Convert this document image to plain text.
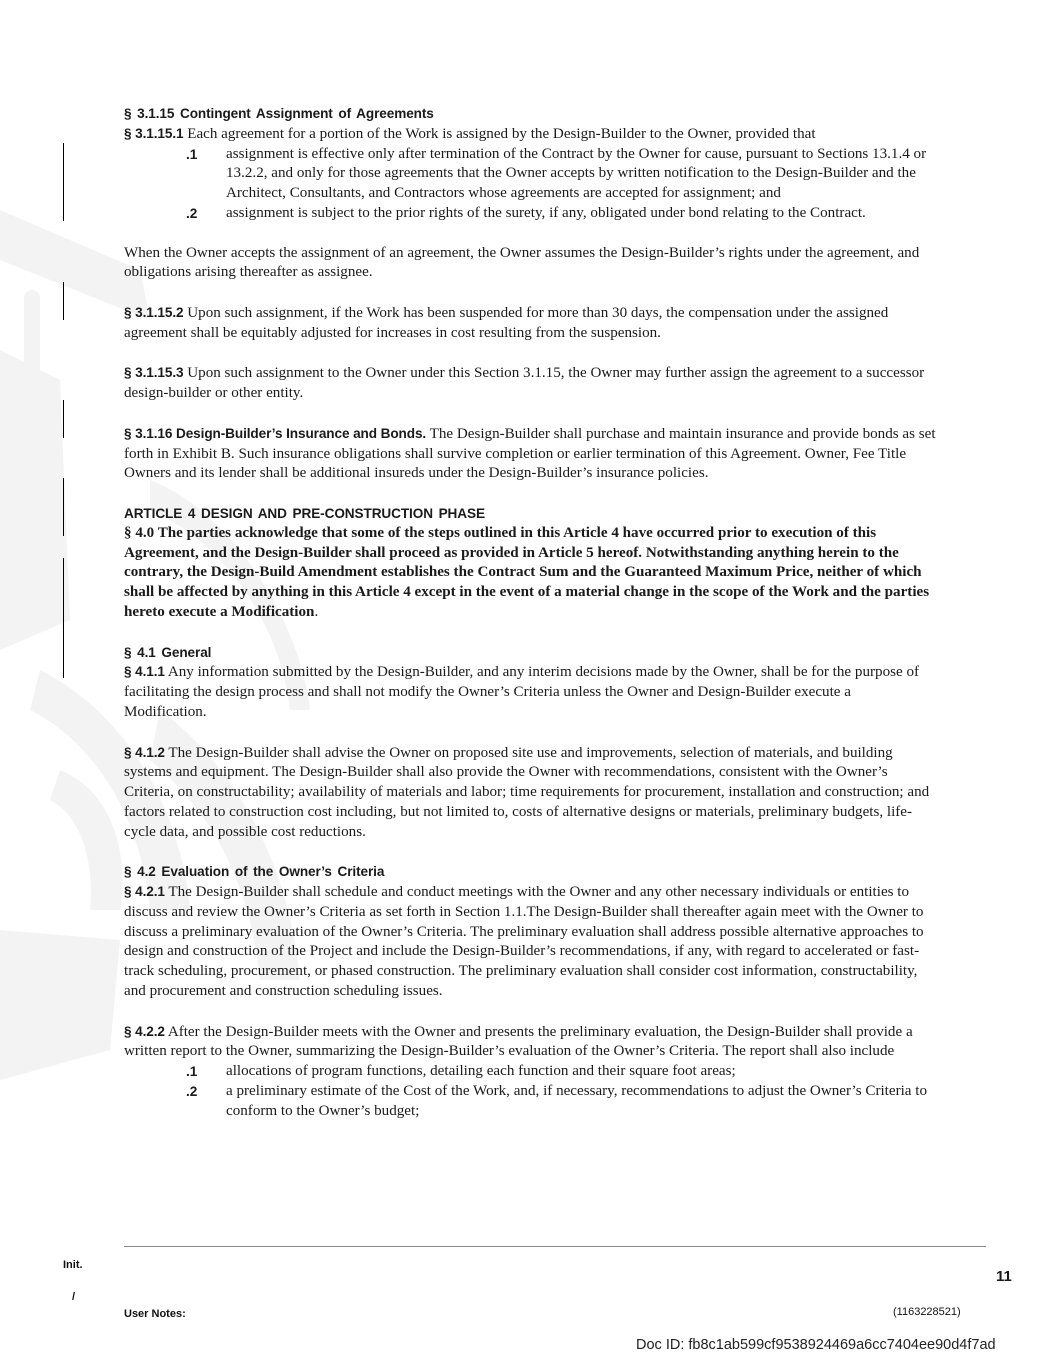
§ 3.1.15 Contingent Assignment of Agreements

§ 3.1.15.1 Each agreement for a portion of the Work is assigned by the Design-Builder to the Owner, provided that

.1 assignment is effective only after termination of the Contract by the Owner for cause, pursuant to Sections 13.1.4 or 13.2.2, and only for those agreements that the Owner accepts by written notification to the Design-Builder and the Architect, Consultants, and Contractors whose agreements are accepted for assignment; and
.2 assignment is subject to the prior rights of the surety, if any, obligated under bond relating to the Contract.

When the Owner accepts the assignment of an agreement, the Owner assumes the Design-Builder’s rights under the agreement, and obligations arising thereafter as assignee.

§ 3.1.15.2 Upon such assignment, if the Work has been suspended for more than 30 days, the compensation under the assigned agreement shall be equitably adjusted for increases in cost resulting from the suspension.

§ 3.1.15.3 Upon such assignment to the Owner under this Section 3.1.15, the Owner may further assign the agreement to a successor design-builder or other entity.

§ 3.1.16 Design-Builder’s Insurance and Bonds. The Design-Builder shall purchase and maintain insurance and provide bonds as set forth in Exhibit B. Such insurance obligations shall survive completion or earlier termination of this Agreement. Owner, Fee Title Owners and its lender shall be additional insureds under the Design-Builder’s insurance policies.

ARTICLE 4 DESIGN AND PRE-CONSTRUCTION PHASE

§ 4.0 The parties acknowledge that some of the steps outlined in this Article 4 have occurred prior to execution of this Agreement, and the Design-Builder shall proceed as provided in Article 5 hereof. Notwithstanding anything herein to the contrary, the Design-Build Amendment establishes the Contract Sum and the Guaranteed Maximum Price, neither of which shall be affected by anything in this Article 4 except in the event of a material change in the scope of the Work and the parties hereto execute a Modification.

§ 4.1 General

§ 4.1.1 Any information submitted by the Design-Builder, and any interim decisions made by the Owner, shall be for the purpose of facilitating the design process and shall not modify the Owner’s Criteria unless the Owner and Design-Builder execute a Modification.

§ 4.1.2 The Design-Builder shall advise the Owner on proposed site use and improvements, selection of materials, and building systems and equipment. The Design-Builder shall also provide the Owner with recommendations, consistent with the Owner’s Criteria, on constructability; availability of materials and labor; time requirements for procurement, installation and construction; and factors related to construction cost including, but not limited to, costs of alternative designs or materials, preliminary budgets, life-cycle data, and possible cost reductions.

§ 4.2 Evaluation of the Owner’s Criteria

§ 4.2.1 The Design-Builder shall schedule and conduct meetings with the Owner and any other necessary individuals or entities to discuss and review the Owner’s Criteria as set forth in Section 1.1.The Design-Builder shall thereafter again meet with the Owner to discuss a preliminary evaluation of the Owner’s Criteria. The preliminary evaluation shall address possible alternative approaches to design and construction of the Project and include the Design-Builder’s recommendations, if any, with regard to accelerated or fast-track scheduling, procurement, or phased construction. The preliminary evaluation shall consider cost information, constructability, and procurement and construction scheduling issues.

§ 4.2.2 After the Design-Builder meets with the Owner and presents the preliminary evaluation, the Design-Builder shall provide a written report to the Owner, summarizing the Design-Builder’s evaluation of the Owner’s Criteria. The report shall also include

.1 allocations of program functions, detailing each function and their square foot areas;
.2 a preliminary estimate of the Cost of the Work, and, if necessary, recommendations to adjust the Owner’s Criteria to conform to the Owner’s budget;
Init.
/
User Notes:	(1163228521)
11
Doc ID: fb8c1ab599cf9538924469a6cc7404ee90d4f7ad
